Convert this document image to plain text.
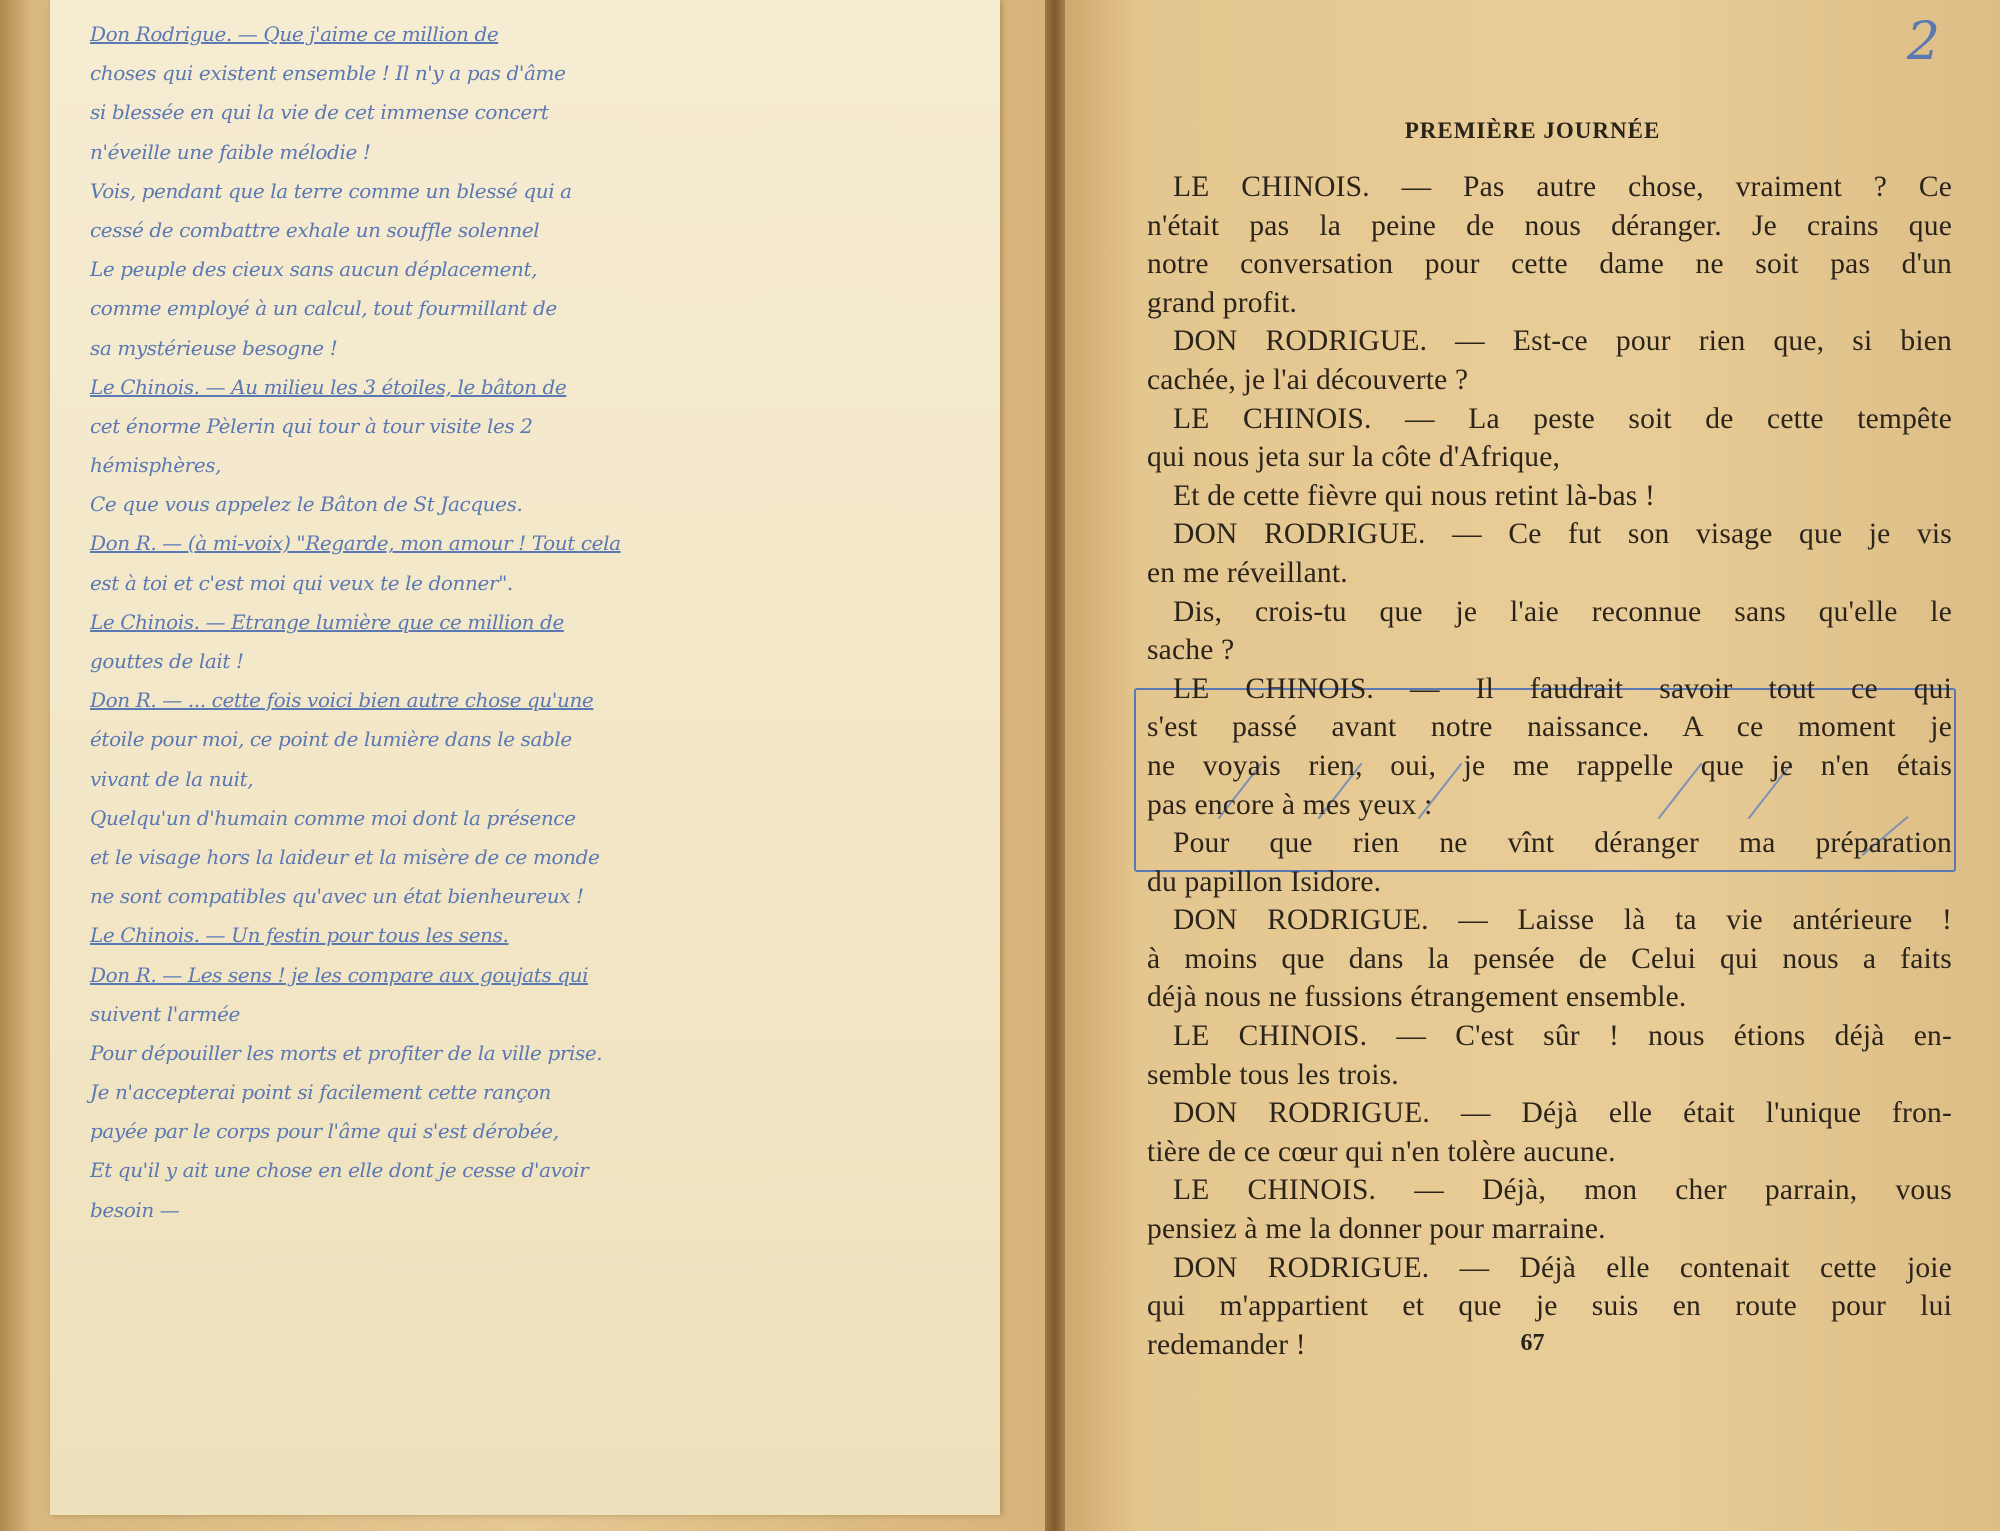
Don Rodrigue. — Que j'aime ce million de
choses qui existent ensemble ! Il n'y a pas d'âme
si blessée en qui la vie de cet immense concert
n'éveille une faible mélodie !
Vois, pendant que la terre comme un blessé qui a
cessé de combattre exhale un souffle solennel
Le peuple des cieux sans aucun déplacement,
comme employé à un calcul, tout fourmillant de
sa mystérieuse besogne !
Le Chinois. — Au milieu les 3 étoiles, le bâton de
cet énorme Pèlerin qui tour à tour visite les 2
hémisphères,
Ce que vous appelez le Bâton de St Jacques.
Don R. — (à mi-voix) "Regarde, mon amour ! Tout cela
est à toi et c'est moi qui veux te le donner".
Le Chinois. — Etrange lumière que ce million de
gouttes de lait !
Don R. — ... cette fois voici bien autre chose qu'une
étoile pour moi, ce point de lumière dans le sable
vivant de la nuit,
Quelqu'un d'humain comme moi dont la présence
et le visage hors la laideur et la misère de ce monde
ne sont compatibles qu'avec un état bienheureux !
Le Chinois. — Un festin pour tous les sens.
Don R. — Les sens ! je les compare aux goujats qui
suivent l'armée
Pour dépouiller les morts et profiter de la ville prise.
Je n'accepterai point si facilement cette rançon
payée par le corps pour l'âme qui s'est dérobée,
Et qu'il y ait une chose en elle dont je cesse d'avoir
besoin —
2
PREMIÈRE JOURNÉE
LE CHINOIS. — Pas autre chose, vraiment ? Ce
n'était pas la peine de nous déranger. Je crains que
notre conversation pour cette dame ne soit pas d'un
grand profit.
DON RODRIGUE. — Est-ce pour rien que, si bien
cachée, je l'ai découverte ?
LE CHINOIS. — La peste soit de cette tempête
qui nous jeta sur la côte d'Afrique,
Et de cette fièvre qui nous retint là-bas !
DON RODRIGUE. — Ce fut son visage que je vis
en me réveillant.
Dis, crois-tu que je l'aie reconnue sans qu'elle le
sache ?
LE CHINOIS. — Il faudrait savoir tout ce qui
s'est passé avant notre naissance. A ce moment je
ne voyais rien, oui, je me rappelle que je n'en étais
pas encore à mes yeux :
Pour que rien ne vînt déranger ma préparation
du papillon Isidore.
DON RODRIGUE. — Laisse là ta vie antérieure !
à moins que dans la pensée de Celui qui nous a faits
déjà nous ne fussions étrangement ensemble.
LE CHINOIS. — C'est sûr ! nous étions déjà en-
semble tous les trois.
DON RODRIGUE. — Déjà elle était l'unique fron-
tière de ce cœur qui n'en tolère aucune.
LE CHINOIS. — Déjà, mon cher parrain, vous
pensiez à me la donner pour marraine.
DON RODRIGUE. — Déjà elle contenait cette joie
qui m'appartient et que je suis en route pour lui
redemander !	67
